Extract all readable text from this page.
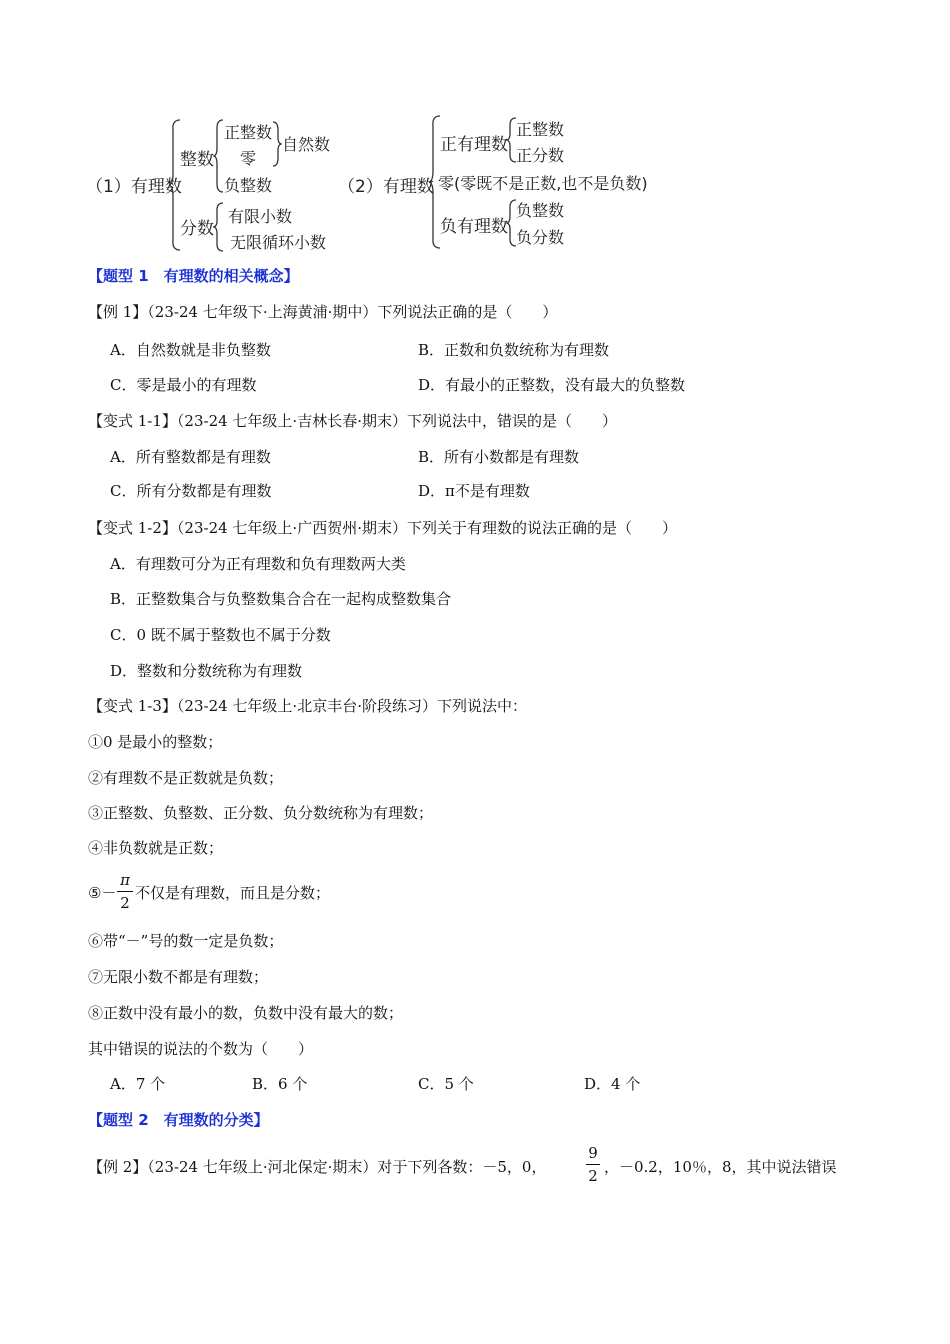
（1）有理数
整数
正整数
零
负整数
自然数
分数
有限小数
无限循环小数
（2）有理数
正有理数
正整数
正分数
零(零既不是正数,也不是负数)
负有理数
负整数
负分数
【题型 1　有理数的相关概念】
【例 1】（23-24 七年级下·上海黄浦·期中）下列说法正确的是（　　）
A．自然数就是非负整数	B．正数和负数统称为有理数
C．零是最小的有理数	D．有最小的正整数，没有最大的负整数
【变式 1-1】（23-24 七年级上·吉林长春·期末）下列说法中，错误的是（　　）
A．所有整数都是有理数	B．所有小数都是有理数
C．所有分数都是有理数	D．π不是有理数
【变式 1-2】（23-24 七年级上·广西贺州·期末）下列关于有理数的说法正确的是（　　）
A．有理数可分为正有理数和负有理数两大类
B．正整数集合与负整数集合合在一起构成整数集合
C．0 既不属于整数也不属于分数
D．整数和分数统称为有理数
【变式 1-3】（23-24 七年级上·北京丰台·阶段练习）下列说法中：
①0 是最小的整数；
②有理数不是正数就是负数；
③正整数、负整数、正分数、负分数统称为有理数；
④非负数就是正数；
⑤－
π
2
不仅是有理数，而且是分数；
⑥带“－”号的数一定是负数；
⑦无限小数不都是有理数；
⑧正数中没有最小的数，负数中没有最大的数；
其中错误的说法的个数为（　　）
A．7 个	B．6 个	C．5 个	D．4 个
【题型 2　有理数的分类】
【例 2】（23-24 七年级上·河北保定·期末）对于下列各数：－5，0，
9
2 ，－0.2，10％，8，其中说法错误
